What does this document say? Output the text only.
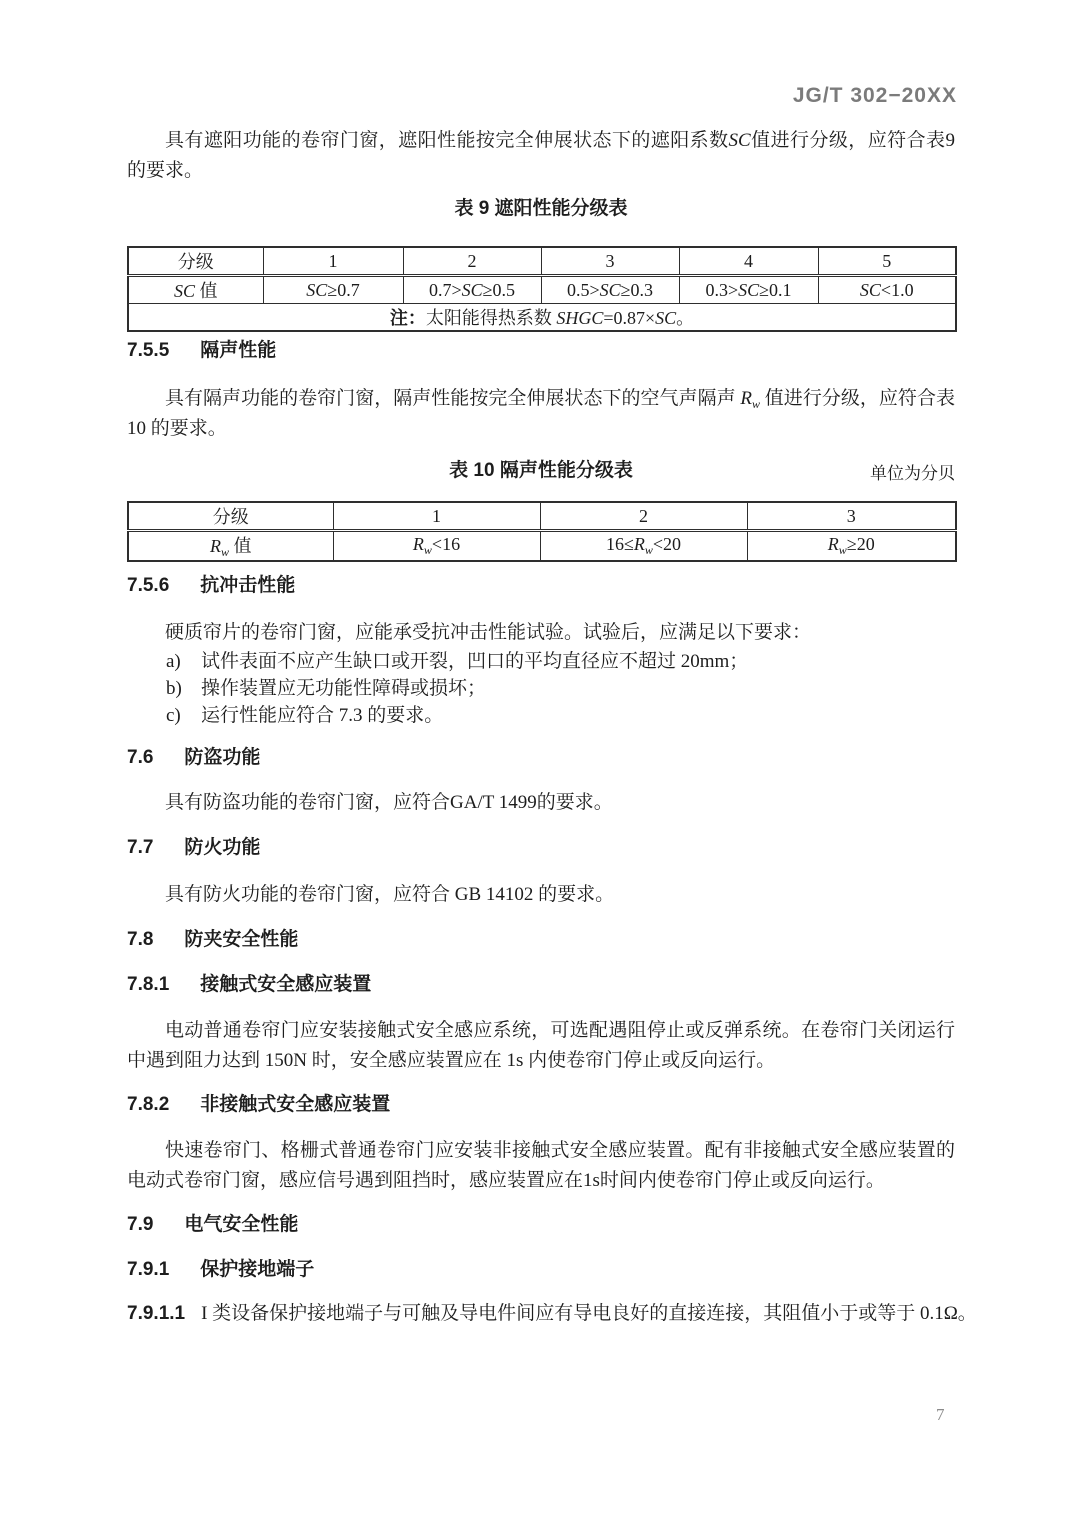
JG/T 302−20XX
具有遮阳功能的卷帘门窗，遮阳性能按完全伸展状态下的遮阳系数SC值进行分级，应符合表9
的要求。
表 9 遮阳性能分级表
分级	1	2	3	4	5
SC 值	SC≥0.7	0.7>SC≥0.5	0.5>SC≥0.3	0.3>SC≥0.1	SC<1.0
注：太阳能得热系数 SHGC=0.87×SC。					
7.5.5 隔声性能
具有隔声功能的卷帘门窗，隔声性能按完全伸展状态下的空气声隔声 $R_w$ 值进行分级，应符合表
10 的要求。
表 10 隔声性能分级表	单位为分贝
分级	1	2	3
$R_w$ 值	$R_w<16$	$16\le R_w<20$	$R_w\ge 20$
7.5.6 抗冲击性能
硬质帘片的卷帘门窗，应能承受抗冲击性能试验。试验后，应满足以下要求：
a) 试件表面不应产生缺口或开裂，凹口的平均直径应不超过 20mm；
b) 操作装置应无功能性障碍或损坏；
c) 运行性能应符合 7.3 的要求。
7.6 防盗功能
具有防盗功能的卷帘门窗，应符合GA/T 1499的要求。
7.7 防火功能
具有防火功能的卷帘门窗，应符合 GB 14102 的要求。
7.8 防夹安全性能
7.8.1 接触式安全感应装置
电动普通卷帘门应安装接触式安全感应系统，可选配遇阻停止或反弹系统。在卷帘门关闭运行
中遇到阻力达到 150N 时，安全感应装置应在 1s 内使卷帘门停止或反向运行。
7.8.2 非接触式安全感应装置
快速卷帘门、格栅式普通卷帘门应安装非接触式安全感应装置。配有非接触式安全感应装置的
电动式卷帘门窗，感应信号遇到阻挡时，感应装置应在1s时间内使卷帘门停止或反向运行。
7.9 电气安全性能
7.9.1 保护接地端子
7.9.1.1 I 类设备保护接地端子与可触及导电件间应有导电良好的直接连接，其阻值小于或等于 0.1Ω。
7
